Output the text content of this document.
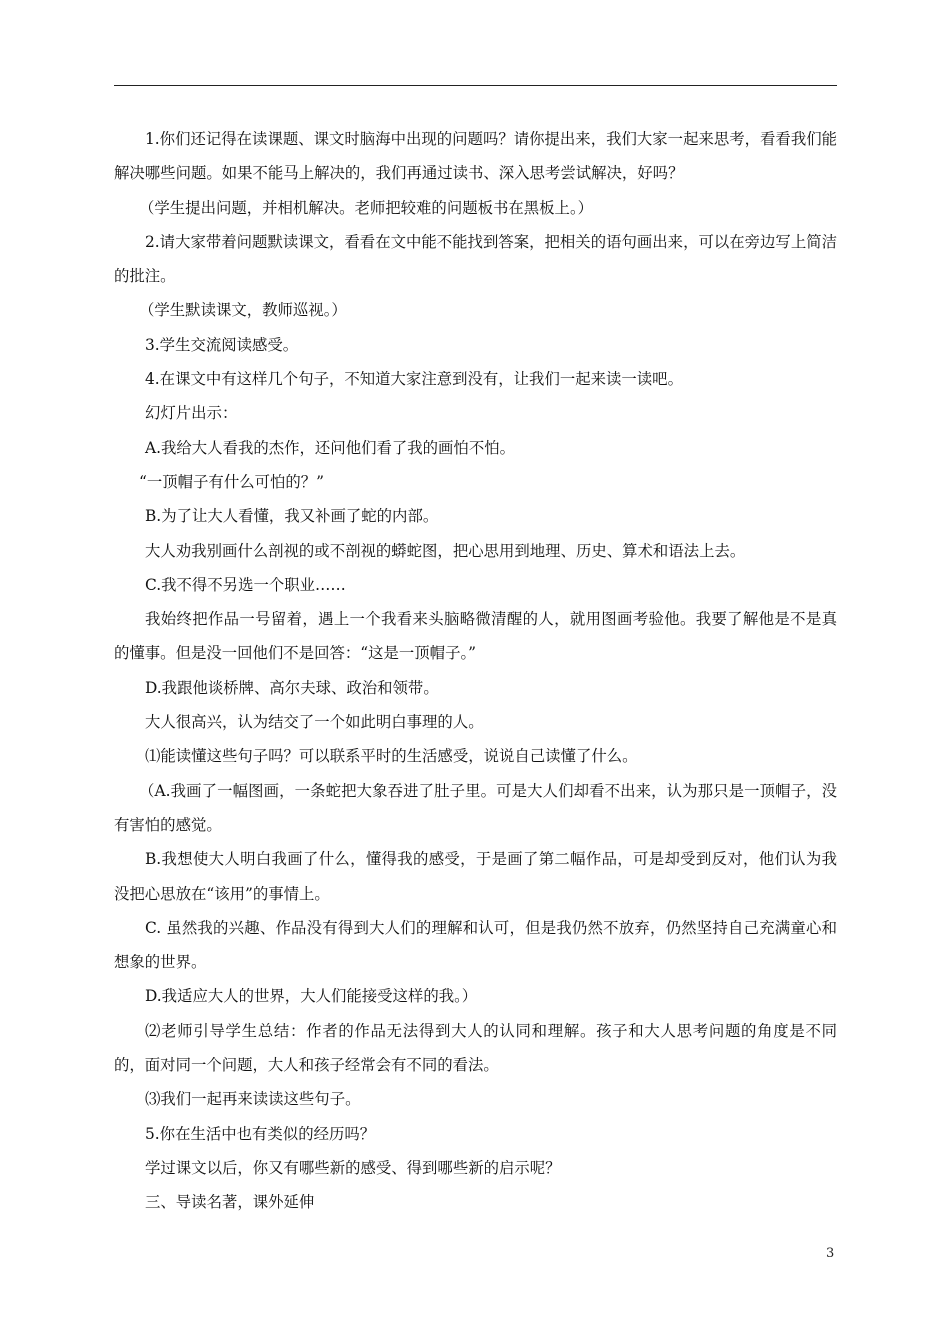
1.你们还记得在读课题、课文时脑海中出现的问题吗？请你提出来，我们大家一起来思考，看看我们能解决哪些问题。如果不能马上解决的，我们再通过读书、深入思考尝试解决，好吗？

（学生提出问题，并相机解决。老师把较难的问题板书在黑板上。）

2.请大家带着问题默读课文，看看在文中能不能找到答案，把相关的语句画出来，可以在旁边写上简洁的批注。

（学生默读课文，教师巡视。）

3.学生交流阅读感受。

4.在课文中有这样几个句子，不知道大家注意到没有，让我们一起来读一读吧。

幻灯片出示：

A.我给大人看我的杰作，还问他们看了我的画怕不怕。

“一顶帽子有什么可怕的？”

B.为了让大人看懂，我又补画了蛇的内部。

大人劝我别画什么剖视的或不剖视的蟒蛇图，把心思用到地理、历史、算术和语法上去。

C.我不得不另选一个职业……

我始终把作品一号留着，遇上一个我看来头脑略微清醒的人，就用图画考验他。我要了解他是不是真的懂事。但是没一回他们不是回答：“这是一顶帽子。”

D.我跟他谈桥牌、高尔夫球、政治和领带。

大人很高兴，认为结交了一个如此明白事理的人。

⑴能读懂这些句子吗？可以联系平时的生活感受，说说自己读懂了什么。

（A.我画了一幅图画，一条蛇把大象吞进了肚子里。可是大人们却看不出来，认为那只是一顶帽子，没有害怕的感觉。

B.我想使大人明白我画了什么，懂得我的感受，于是画了第二幅作品，可是却受到反对，他们认为我没把心思放在“该用”的事情上。

C. 虽然我的兴趣、作品没有得到大人们的理解和认可，但是我仍然不放弃，仍然坚持自己充满童心和想象的世界。

D.我适应大人的世界，大人们能接受这样的我。）

⑵老师引导学生总结：作者的作品无法得到大人的认同和理解。孩子和大人思考问题的角度是不同的，面对同一个问题，大人和孩子经常会有不同的看法。

⑶我们一起再来读读这些句子。

5.你在生活中也有类似的经历吗？

学过课文以后，你又有哪些新的感受、得到哪些新的启示呢？

三、导读名著，课外延伸

3
